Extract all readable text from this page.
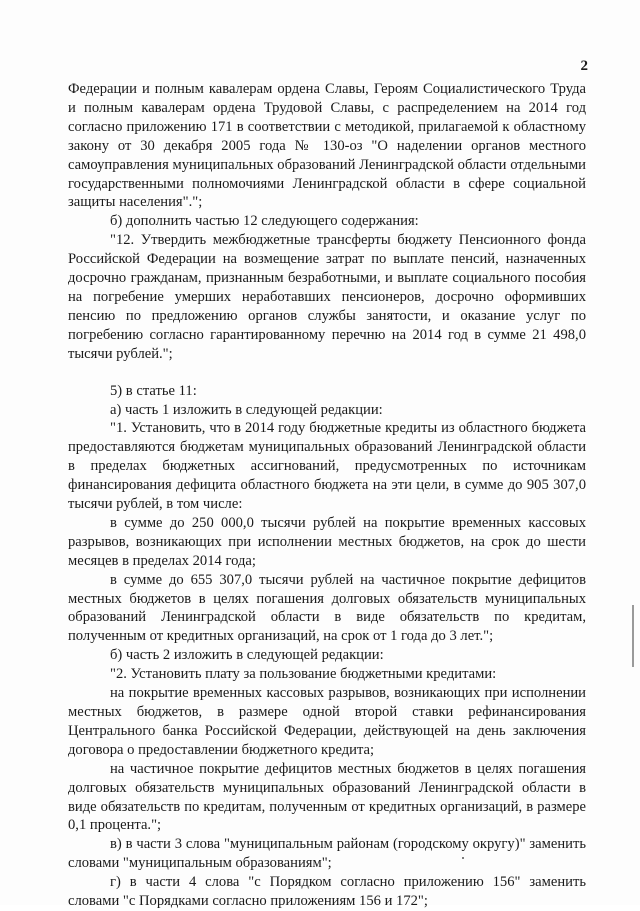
2

Федерации и полным кавалерам ордена Славы, Героям Социалистического Труда и полным кавалерам ордена Трудовой Славы, с распределением на 2014 год согласно приложению 171 в соответствии с методикой, прилагаемой к областному закону от 30 декабря 2005 года № 130-оз "О наделении органов местного самоуправления муниципальных образований Ленинградской области отдельными государственными полномочиями Ленинградской области в сфере социальной защиты населения".";

б) дополнить частью 12 следующего содержания:

"12. Утвердить межбюджетные трансферты бюджету Пенсионного фонда Российской Федерации на возмещение затрат по выплате пенсий, назначенных досрочно гражданам, признанным безработными, и выплате социального пособия на погребение умерших неработавших пенсионеров, досрочно оформивших пенсию по предложению органов службы занятости, и оказание услуг по погребению согласно гарантированному перечню на 2014 год в сумме 21 498,0 тысячи рублей.";

5) в статье 11:

а) часть 1 изложить в следующей редакции:

"1. Установить, что в 2014 году бюджетные кредиты из областного бюджета предоставляются бюджетам муниципальных образований Ленинградской области в пределах бюджетных ассигнований, предусмотренных по источникам финансирования дефицита областного бюджета на эти цели, в сумме до 905 307,0 тысячи рублей, в том числе:

в сумме до 250 000,0 тысячи рублей на покрытие временных кассовых разрывов, возникающих при исполнении местных бюджетов, на срок до шести месяцев в пределах 2014 года;

в сумме до 655 307,0 тысячи рублей на частичное покрытие дефицитов местных бюджетов в целях погашения долговых обязательств муниципальных образований Ленинградской области в виде обязательств по кредитам, полученным от кредитных организаций, на срок от 1 года до 3 лет.";

б) часть 2 изложить в следующей редакции:

"2. Установить плату за пользование бюджетными кредитами:

на покрытие временных кассовых разрывов, возникающих при исполнении местных бюджетов, в размере одной второй ставки рефинансирования Центрального банка Российской Федерации, действующей на день заключения договора о предоставлении бюджетного кредита;

на частичное покрытие дефицитов местных бюджетов в целях погашения долговых обязательств муниципальных образований Ленинградской области в виде обязательств по кредитам, полученным от кредитных организаций, в размере 0,1 процента.";

в) в части 3 слова "муниципальным районам (городскому округу)" заменить словами "муниципальным образованиям";

г) в части 4 слова "с Порядком согласно приложению 156" заменить словами "с Порядками согласно приложениям 156 и 172";
